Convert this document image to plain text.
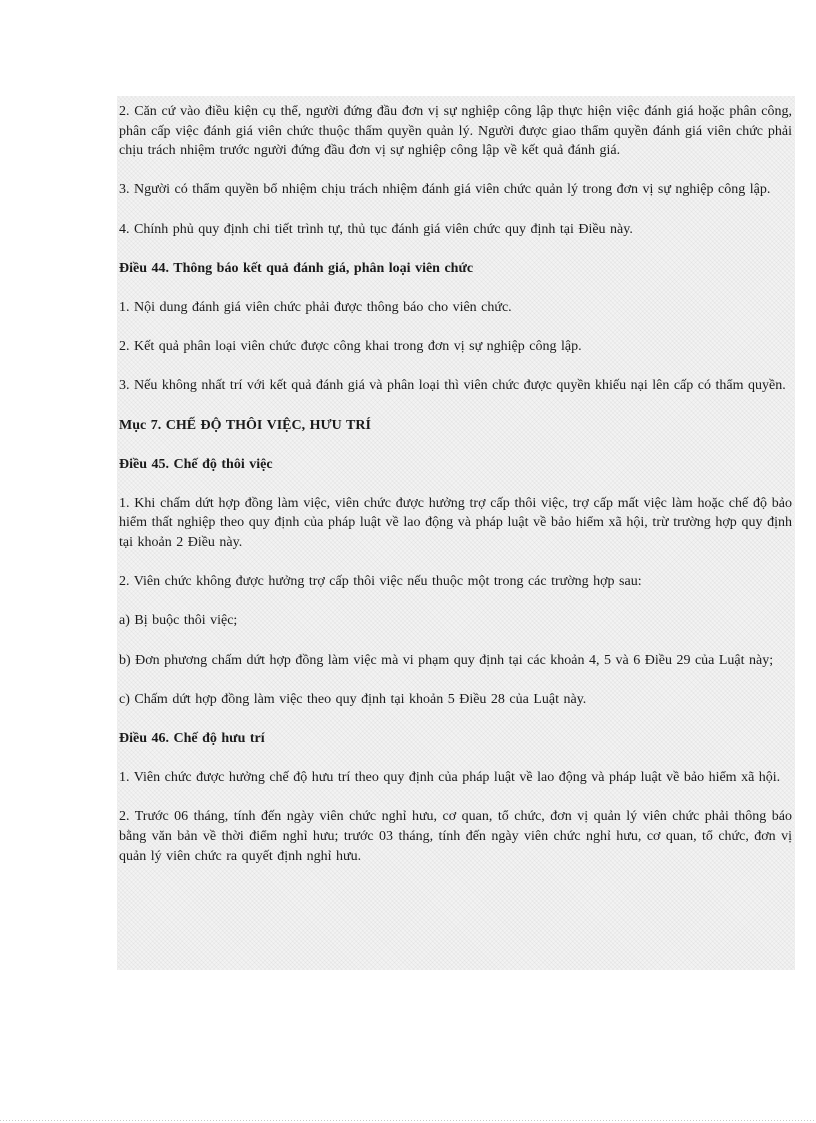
2. Căn cứ vào điều kiện cụ thể, người đứng đầu đơn vị sự nghiệp công lập thực hiện việc đánh giá hoặc phân công, phân cấp việc đánh giá viên chức thuộc thẩm quyền quản lý. Người được giao thẩm quyền đánh giá viên chức phải chịu trách nhiệm trước người đứng đầu đơn vị sự nghiệp công lập về kết quả đánh giá.

3. Người có thẩm quyền bổ nhiệm chịu trách nhiệm đánh giá viên chức quản lý trong đơn vị sự nghiệp công lập.

4. Chính phủ quy định chi tiết trình tự, thủ tục đánh giá viên chức quy định tại Điều này.

Điều 44. Thông báo kết quả đánh giá, phân loại viên chức

1. Nội dung đánh giá viên chức phải được thông báo cho viên chức.

2. Kết quả phân loại viên chức được công khai trong đơn vị sự nghiệp công lập.

3. Nếu không nhất trí với kết quả đánh giá và phân loại thì viên chức được quyền khiếu nại lên cấp có thẩm quyền.

Mục 7. CHẾ ĐỘ THÔI VIỆC, HƯU TRÍ

Điều 45. Chế độ thôi việc

1. Khi chấm dứt hợp đồng làm việc, viên chức được hưởng trợ cấp thôi việc, trợ cấp mất việc làm hoặc chế độ bảo hiểm thất nghiệp theo quy định của pháp luật về lao động và pháp luật về bảo hiểm xã hội, trừ trường hợp quy định tại khoản 2 Điều này.

2. Viên chức không được hưởng trợ cấp thôi việc nếu thuộc một trong các trường hợp sau:

a) Bị buộc thôi việc;

b) Đơn phương chấm dứt hợp đồng làm việc mà vi phạm quy định tại các khoản 4, 5 và 6 Điều 29 của Luật này;

c) Chấm dứt hợp đồng làm việc theo quy định tại khoản 5 Điều 28 của Luật này.

Điều 46. Chế độ hưu trí

1. Viên chức được hưởng chế độ hưu trí theo quy định của pháp luật về lao động và pháp luật về bảo hiểm xã hội.

2. Trước 06 tháng, tính đến ngày viên chức nghỉ hưu, cơ quan, tổ chức, đơn vị quản lý viên chức phải thông báo bằng văn bản về thời điểm nghỉ hưu; trước 03 tháng, tính đến ngày viên chức nghỉ hưu, cơ quan, tổ chức, đơn vị quản lý viên chức ra quyết định nghỉ hưu.
